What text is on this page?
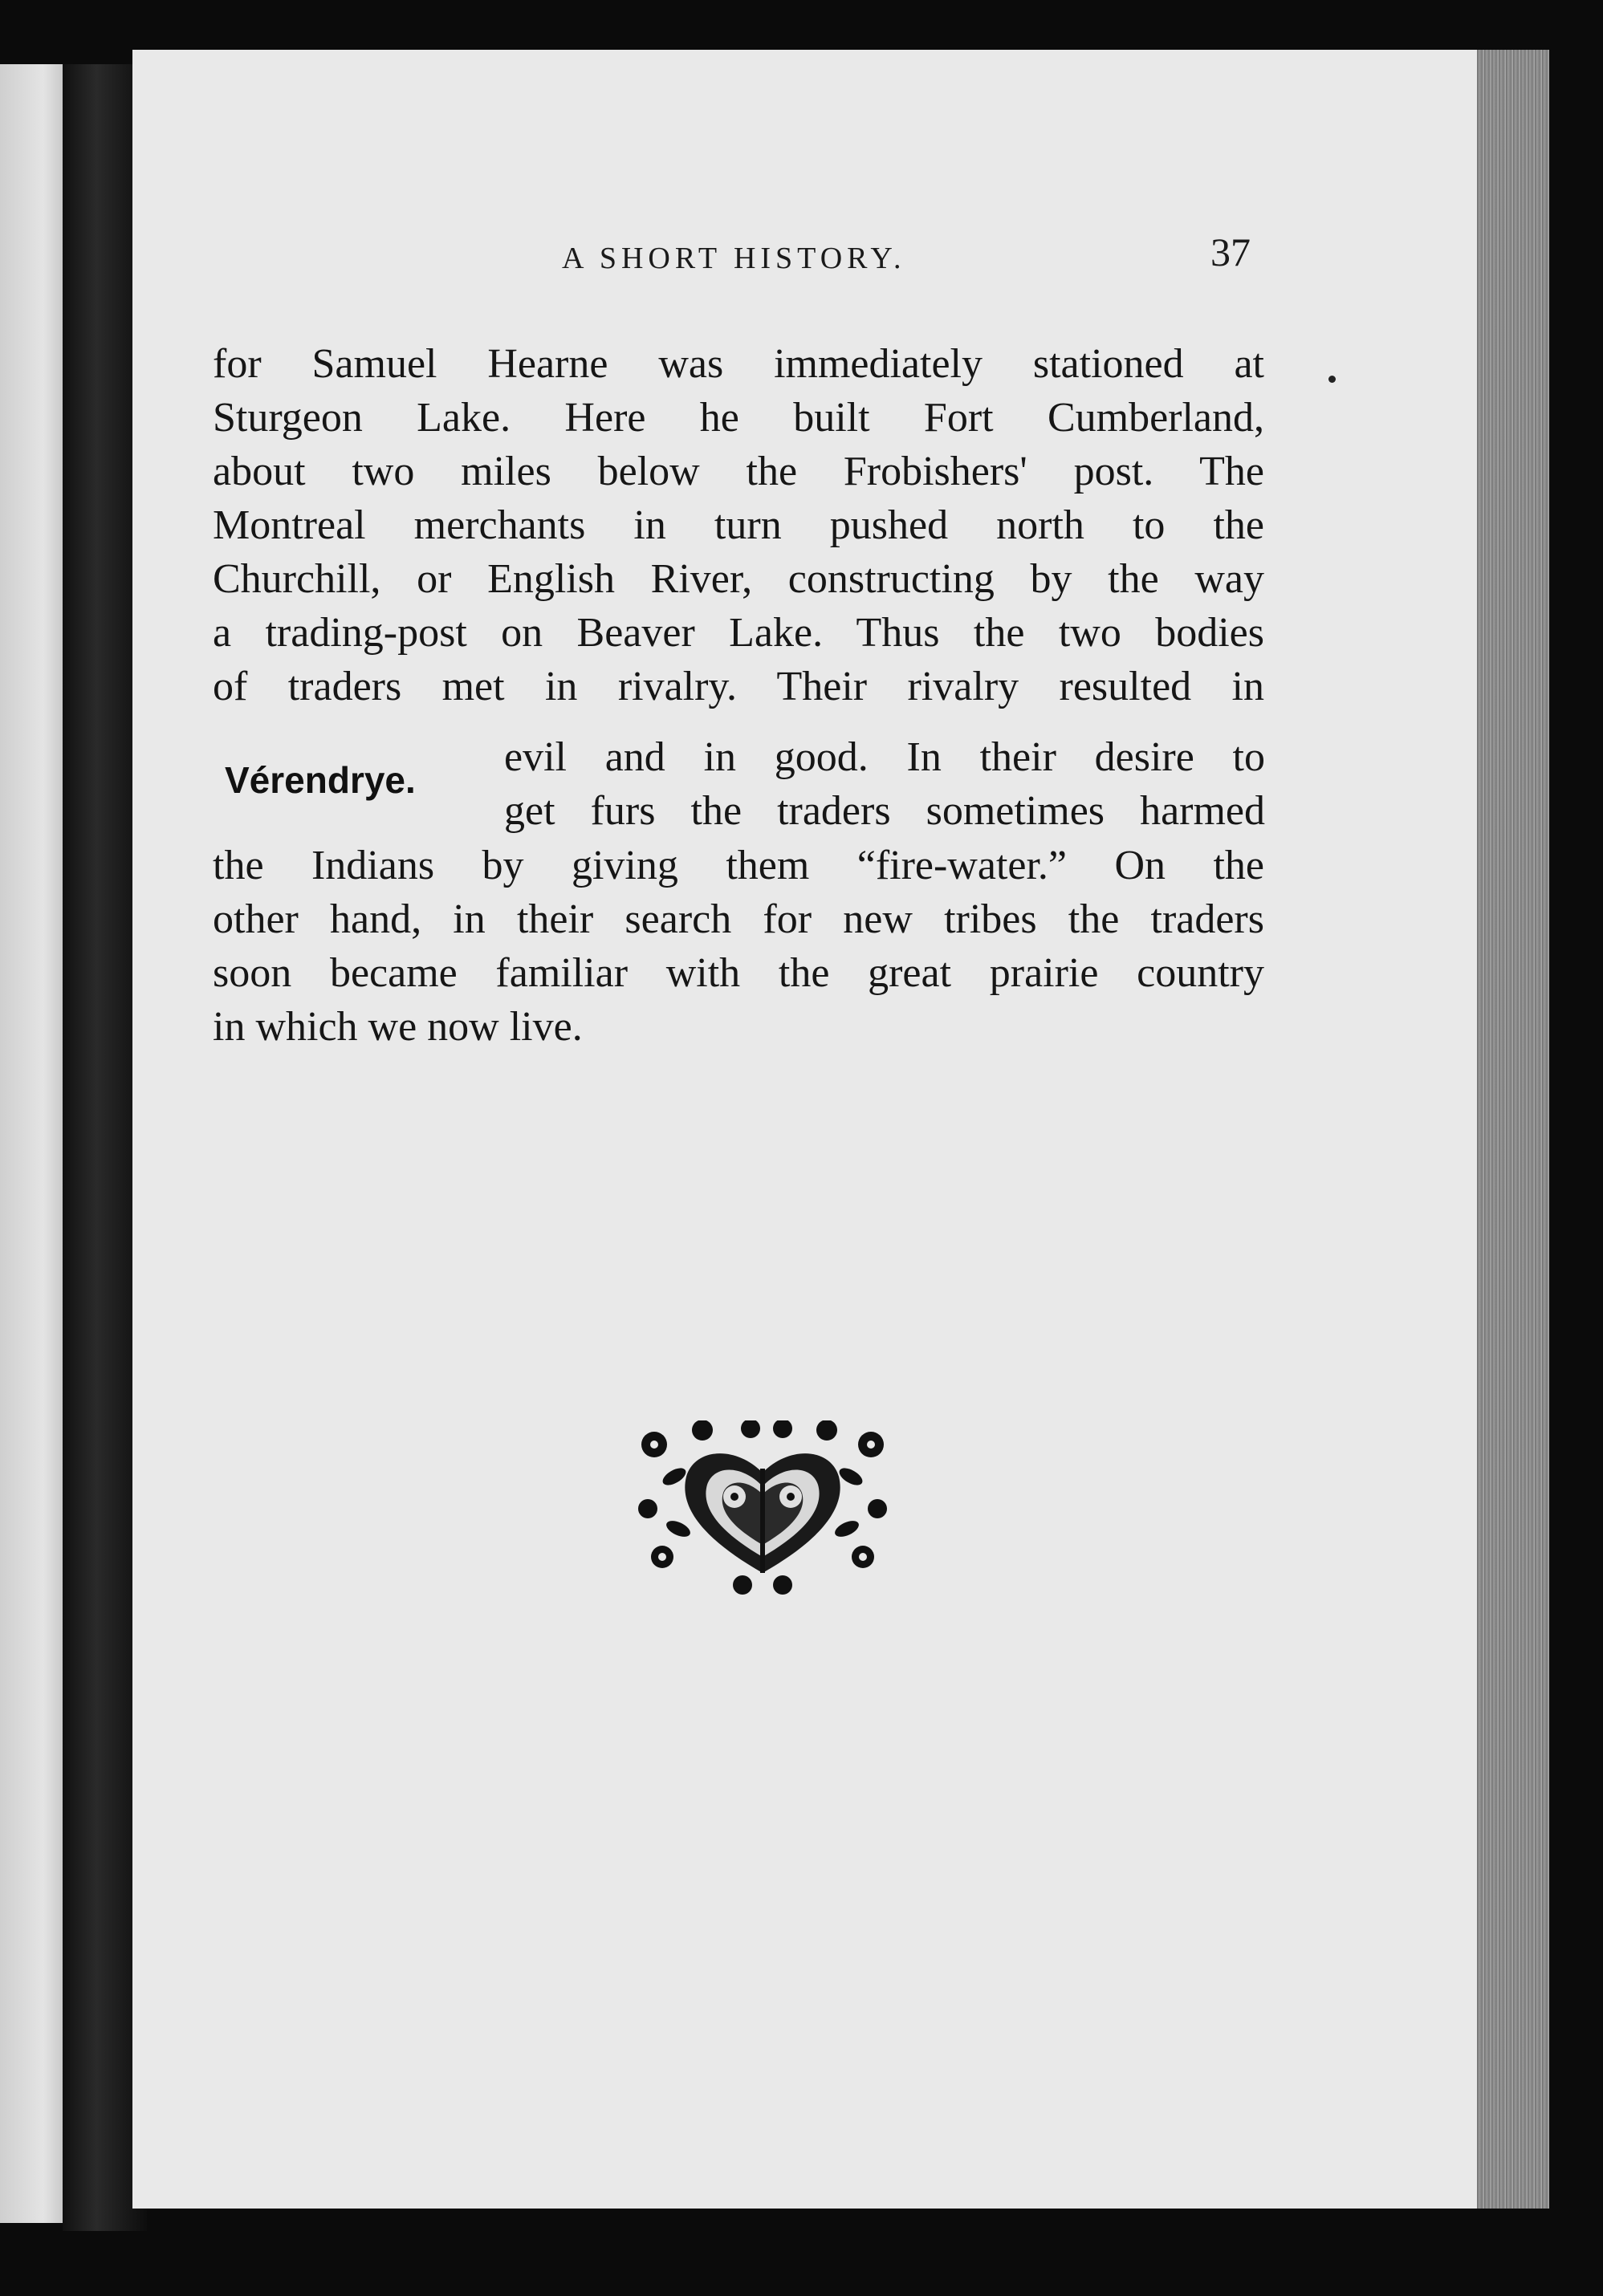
A SHORT HISTORY.	37
for Samuel Hearne was immediately stationed at
Sturgeon Lake. Here he built Fort Cumberland,
about two miles below the Frobishers' post. The
Montreal merchants in turn pushed north to the
Churchill, or English River, constructing by the way
a trading-post on Beaver Lake. Thus the two bodies
of traders met in rivalry. Their rivalry resulted in
Vérendrye. evil and in good. In their desire to
get furs the traders sometimes harmed
the Indians by giving them “fire-water.” On the
other hand, in their search for new tribes the traders
soon became familiar with the great prairie country
in which we now live.
